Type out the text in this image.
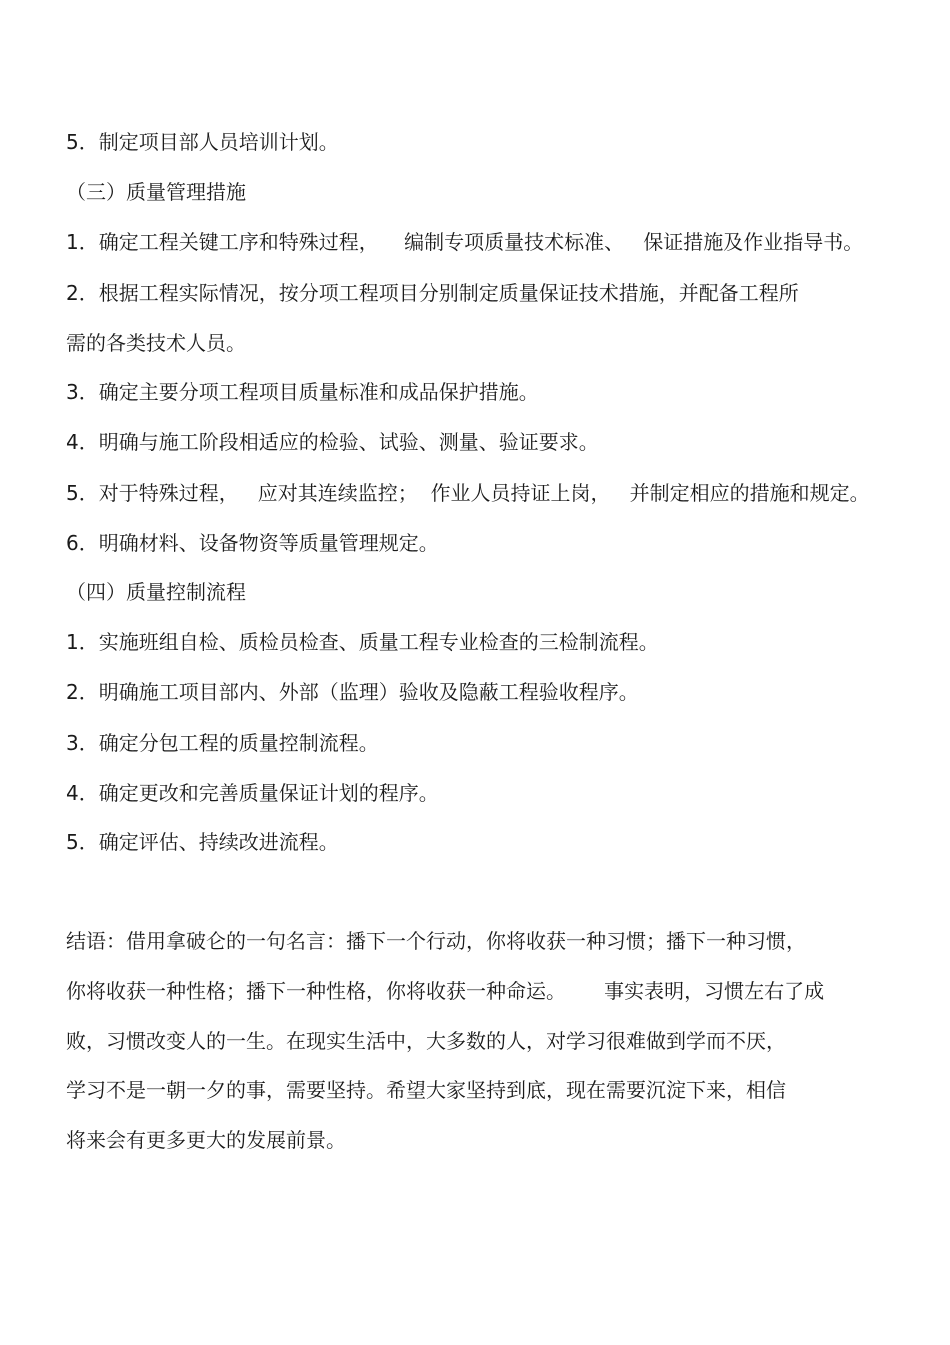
5．制定项目部人员培训计划。
（三）质量管理措施
1．确定工程关键工序和特殊过程，    编制专项质量技术标准、   保证措施及作业指导书。
2．根据工程实际情况，按分项工程项目分别制定质量保证技术措施，并配备工程所
需的各类技术人员。
3．确定主要分项工程项目质量标准和成品保护措施。
4．明确与施工阶段相适应的检验、试验、测量、验证要求。
5．对于特殊过程，   应对其连续监控；  作业人员持证上岗，   并制定相应的措施和规定。
6．明确材料、设备物资等质量管理规定。
（四）质量控制流程
1．实施班组自检、质检员检查、质量工程专业检查的三检制流程。
2．明确施工项目部内、外部（监理）验收及隐蔽工程验收程序。
3．确定分包工程的质量控制流程。
4．确定更改和完善质量保证计划的程序。
5．确定评估、持续改进流程。
结语：借用拿破仑的一句名言：播下一个行动，你将收获一种习惯；播下一种习惯，
你将收获一种性格；播下一种性格，你将收获一种命运。      事实表明，习惯左右了成
败，习惯改变人的一生。在现实生活中，大多数的人，对学习很难做到学而不厌，
学习不是一朝一夕的事，需要坚持。希望大家坚持到底，现在需要沉淀下来，相信
将来会有更多更大的发展前景。
